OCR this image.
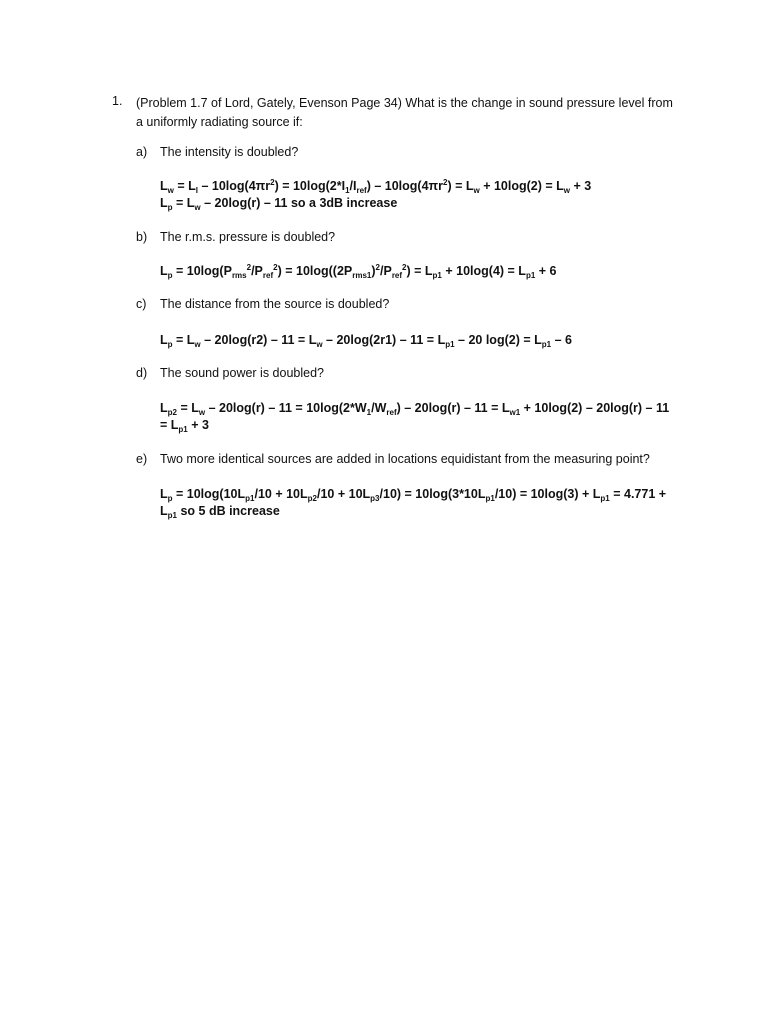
1. (Problem 1.7 of Lord, Gately, Evenson Page 34) What is the change in sound pressure level from a uniformly radiating source if:
a) The intensity is doubled?
$L_w = L_I - 10\log(4\pi r^2) = 10\log(2*I_1/I_{ref}) - 10\log(4\pi r^2) = L_w + 10\log(2) = L_w + 3$
$L_p = L_w - 20\log(r) - 11$ so a 3dB increase
b) The r.m.s. pressure is doubled?
$L_p = 10\log(P_{rms}^2/P_{ref}^2) = 10\log((2P_{rms1})^2/P_{ref}^2) = L_{p1} + 10\log(4) = L_{p1} + 6$
c) The distance from the source is doubled?
$L_p = L_w - 20\log(r2) - 11 = L_w - 20\log(2r1) - 11 = L_{p1} - 20$ $\log(2) = L_{p1} - 6$
d) The sound power is doubled?
$L_{p2} = L_w - 20\log(r) - 11 = 10\log(2*W_1/W_{ref}) - 20\log(r) - 11 = L_{w1} + 10\log(2) - 20\log(r) - 11$
= $L_{p1} + 3$
e) Two more identical sources are added in locations equidistant from the measuring point?
$L_p = 10\log(10L_{p1}/10 + 10L_{p2}/10 + 10L_{p3}/10) = 10\log(3*10L_{p1}/10) = 10\log(3) + L_{p1} = 4.771$ +
$L_{p1}$ so 5 dB increase
